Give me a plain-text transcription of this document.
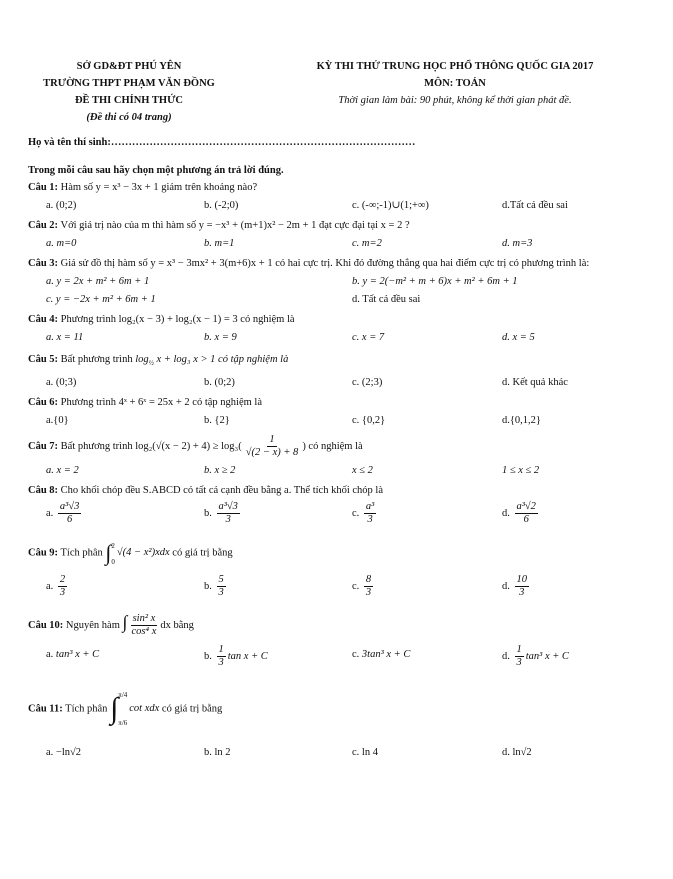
SỞ GD&ĐT PHÚ YÊN
TRƯỜNG THPT PHẠM VĂN ĐỒNG
ĐỀ THI CHÍNH THỨC
(Đề thi có 04 trang)
KỲ THI THỬ TRUNG HỌC PHỔ THÔNG QUỐC GIA 2017
MÔN: TOÁN
Thời gian làm bài: 90 phút, không kể thời gian phát đề.
Họ và tên thí sinh:……………………………………………………………………………
Trong mỗi câu sau hãy chọn một phương án trả lời đúng.
Câu 1: Hàm số y = x³ − 3x + 1 giảm trên khoảng nào?
a. (0;2)	b. (-2;0)	c. (-∞;-1)∪(1;+∞)	d.Tất cả đều sai
Câu 2: Với giá trị nào của m thì hàm số y = −x³ + (m+1)x² − 2m + 1 đạt cực đại tại x = 2 ?
a. m=0	b. m=1	c. m=2	d. m=3
Câu 3: Giả sử đồ thị hàm số y = x³ − 3mx² + 3(m+6)x + 1 có hai cực trị. Khi đó đường thẳng qua hai điểm cực trị có phương trình là:
a. y = 2x + m² + 6m + 1	b. y = 2(−m² + m + 6)x + m² + 6m + 1
c. y = −2x + m² + 6m + 1	d. Tất cả đều sai
Câu 4: Phương trình log₂(x − 3) + log₂(x − 1) = 3 có nghiệm là
a. x = 11	b. x = 9	c. x = 7	d. x = 5
Câu 5: Bất phương trình $\log_{\frac{1}{2}} x + \log_3$ x > 1 có tập nghiệm là
a. (0;3)	b. (0;2)	c. (2;3)	d. Kết quả khác
Câu 6: Phương trình 4ˣ + 6ˣ = 25x + 2 có tập nghiệm là
a.{0}	b. {2}	c. {0,2}	d.{0,1,2}
Câu 7: Bất phương trình $\log_2(√(x - 2) + 4) \ge \log_3( \frac{1}{√(2 - x) + 8}$ ) có nghiệm là
a. x = 2	b. x ≥ 2	x ≤ 2	1 ≤ x ≤ 2
Câu 8: Cho khối chóp đều S.ABCD có tất cả cạnh đều bằng a. Thể tích khối chóp là
a. $\frac{\text{a³√3}}{6}$	b. $\frac{\text{a³√3}}{3}$	c. $\frac{\text{a³}}{3}$	d. $\frac{\text{a³√2}}{6}$
Câu 9: Tích phân ∫ 2
0
√(4 − x²)xdx có giá trị bằng
a. $\frac{2}{3}$	b. $\frac{5}{3}$	c. $\frac{8}{3}$	d. $\frac{10}{3}$
Câu 10: Nguyên hàm ∫ $\frac{\text{sin² x}}{\text{cos⁴ x}}$ dx bằng
a. tan³ x + C	b. $\frac{1}{3}$ tan x + C	c. 3tan³ x + C	d. $\frac{1}{3} \tan^3$ x + C
Câu 11: Tích phân ∫ π/4
π/6
cot xdx có giá trị bằng
a. −ln√2	b. ln 2	c. ln 4	d. ln√2
